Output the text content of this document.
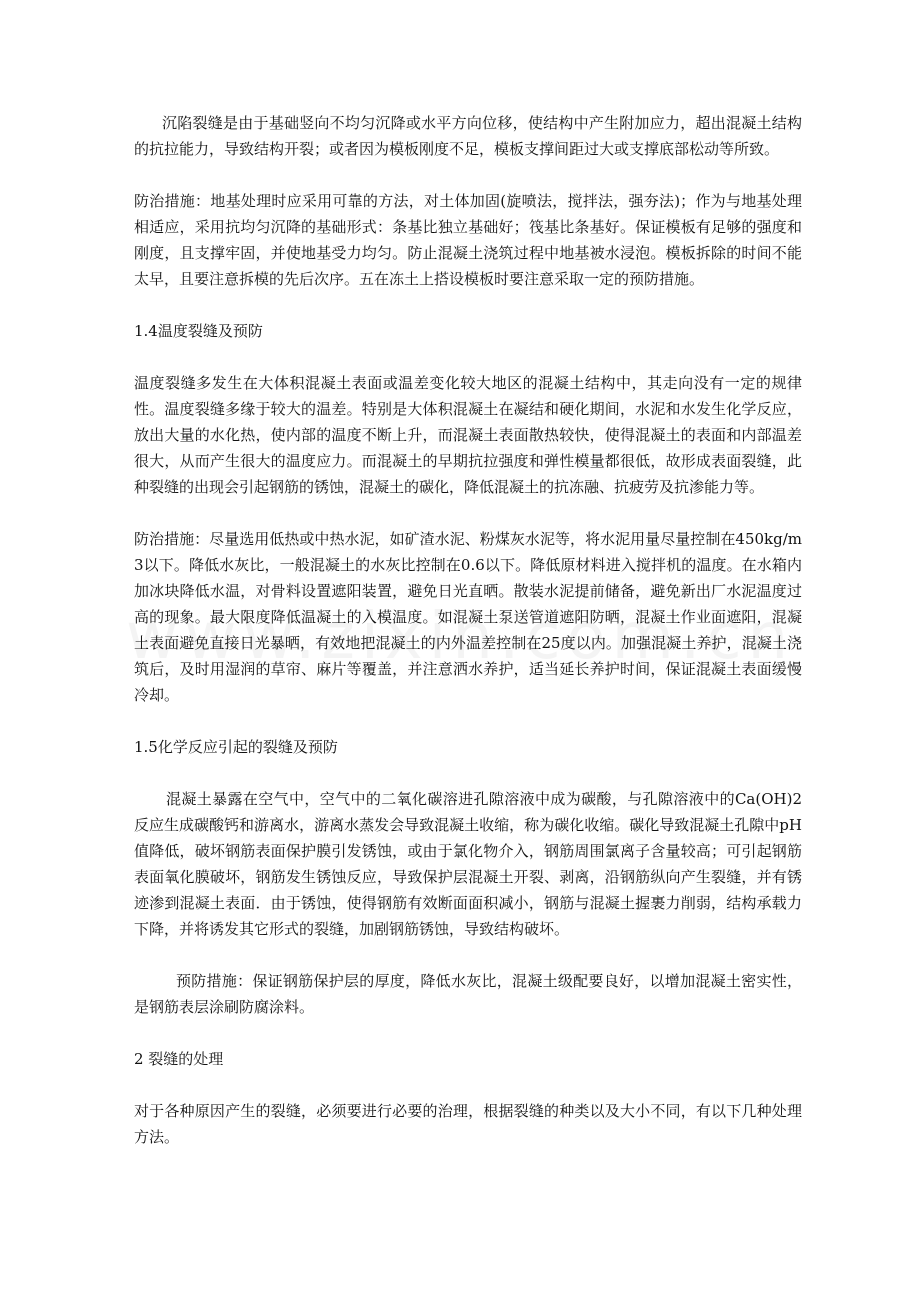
沉陷裂缝是由于基础竖向不均匀沉降或水平方向位移，使结构中产生附加应力，超出混凝土结构的抗拉能力，导致结构开裂；或者因为模板刚度不足，模板支撑间距过大或支撑底部松动等所致。

防治措施：地基处理时应采用可靠的方法，对土体加固(旋喷法，搅拌法，强夯法)；作为与地基处理相适应，采用抗均匀沉降的基础形式：条基比独立基础好；筏基比条基好。保证模板有足够的强度和刚度，且支撑牢固，并使地基受力均匀。防止混凝土浇筑过程中地基被水浸泡。模板拆除的时间不能太早，且要注意拆模的先后次序。五在冻土上搭设模板时要注意采取一定的预防措施。

1.4温度裂缝及预防

温度裂缝多发生在大体积混凝土表面或温差变化较大地区的混凝土结构中，其走向没有一定的规律性。温度裂缝多缘于较大的温差。特别是大体积混凝土在凝结和硬化期间，水泥和水发生化学反应，放出大量的水化热，使内部的温度不断上升，而混凝土表面散热较快，使得混凝土的表面和内部温差很大，从而产生很大的温度应力。而混凝土的早期抗拉强度和弹性模量都很低，故形成表面裂缝，此种裂缝的出现会引起钢筋的锈蚀，混凝土的碳化，降低混凝土的抗冻融、抗疲劳及抗渗能力等。

防治措施：尽量选用低热或中热水泥，如矿渣水泥、粉煤灰水泥等，将水泥用量尽量控制在450kg/m3以下。降低水灰比，一般混凝土的水灰比控制在0.6以下。降低原材料进入搅拌机的温度。在水箱内加冰块降低水温，对骨料设置遮阳装置，避免日光直晒。散装水泥提前储备，避免新出厂水泥温度过高的现象。最大限度降低温凝土的入模温度。如混凝土泵送管道遮阳防晒，混凝土作业面遮阳，混凝土表面避免直接日光暴晒，有效地把混凝土的内外温差控制在25度以内。加强混凝土养护，混凝土浇筑后，及时用湿润的草帘、麻片等覆盖，并注意洒水养护，适当延长养护时间，保证混凝土表面缓慢冷却。

1.5化学反应引起的裂缝及预防

混凝土暴露在空气中，空气中的二氧化碳溶进孔隙溶液中成为碳酸，与孔隙溶液中的Ca(OH)2反应生成碳酸钙和游离水，游离水蒸发会导致混凝土收缩，称为碳化收缩。碳化导致混凝土孔隙中pH值降低，破坏钢筋表面保护膜引发锈蚀，或由于氯化物介入，钢筋周围氯离子含量较高；可引起钢筋表面氧化膜破坏，钢筋发生锈蚀反应，导致保护层混凝土开裂、剥离，沿钢筋纵向产生裂缝，并有锈迹渗到混凝土表面．由于锈蚀，使得钢筋有效断面面积减小，钢筋与混凝土握裹力削弱，结构承载力下降，并将诱发其它形式的裂缝，加剧钢筋锈蚀，导致结构破坏。

预防措施：保证钢筋保护层的厚度，降低水灰比，混凝土级配要良好，以增加混凝土密实性，是钢筋表层涂刷防腐涂料。

2 裂缝的处理

对于各种原因产生的裂缝，必须要进行必要的治理，根据裂缝的种类以及大小不同，有以下几种处理方法。
